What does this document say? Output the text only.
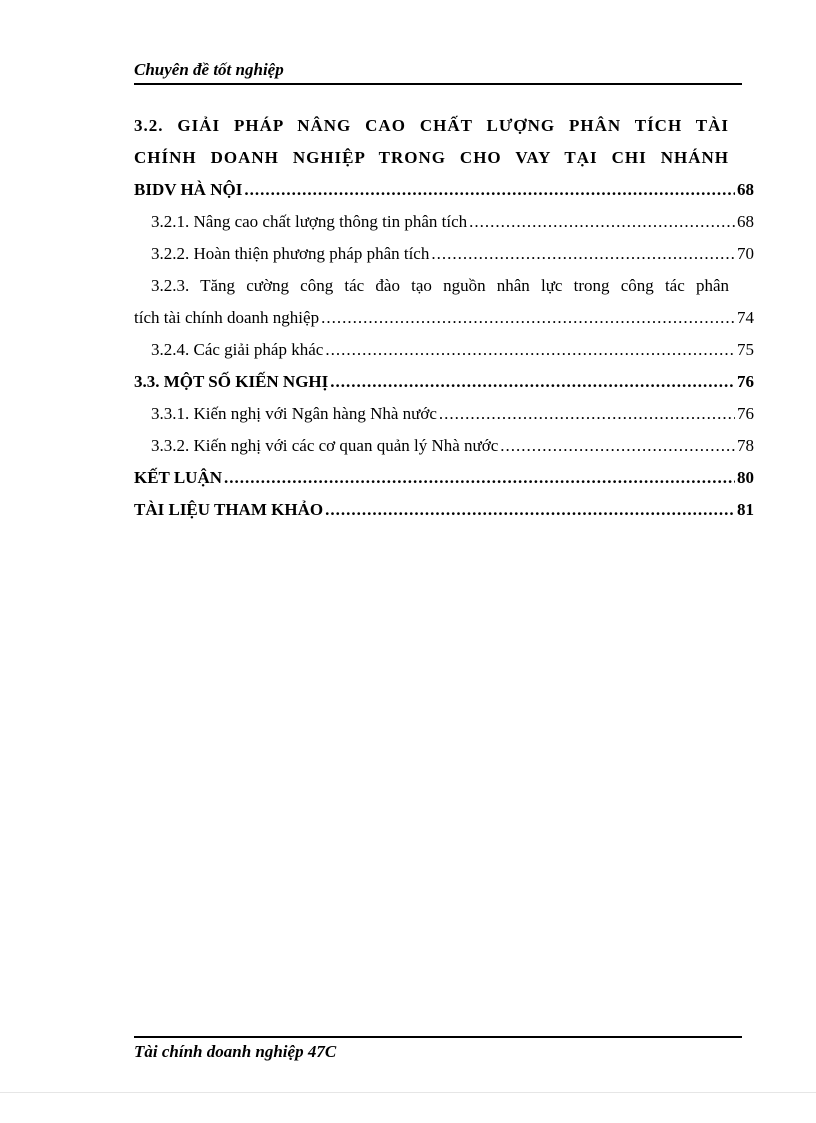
Chuyên đề tốt nghiệp
3.2. GIẢI PHÁP NÂNG CAO CHẤT LƯỢNG PHÂN TÍCH TÀI
CHÍNH DOANH NGHIỆP TRONG CHO VAY TẠI CHI NHÁNH
BIDV HÀ NỘI .....	68
3.2.1. Nâng cao chất lượng thông tin phân tích .....	68
3.2.2. Hoàn thiện phương pháp phân tích .....	70
3.2.3. Tăng cường công tác đào tạo nguồn nhân lực trong công tác phân
tích tài chính doanh nghiệp .....	74
3.2.4. Các giải pháp khác .....	75
3.3. MỘT SỐ KIẾN NGHỊ .....	76
3.3.1. Kiến nghị với Ngân hàng Nhà nước .....	76
3.3.2. Kiến nghị với các cơ quan quản lý Nhà nước .....	78
KẾT LUẬN .....	80
TÀI LIỆU THAM KHẢO .....	81
Tài chính doanh nghiệp 47C
